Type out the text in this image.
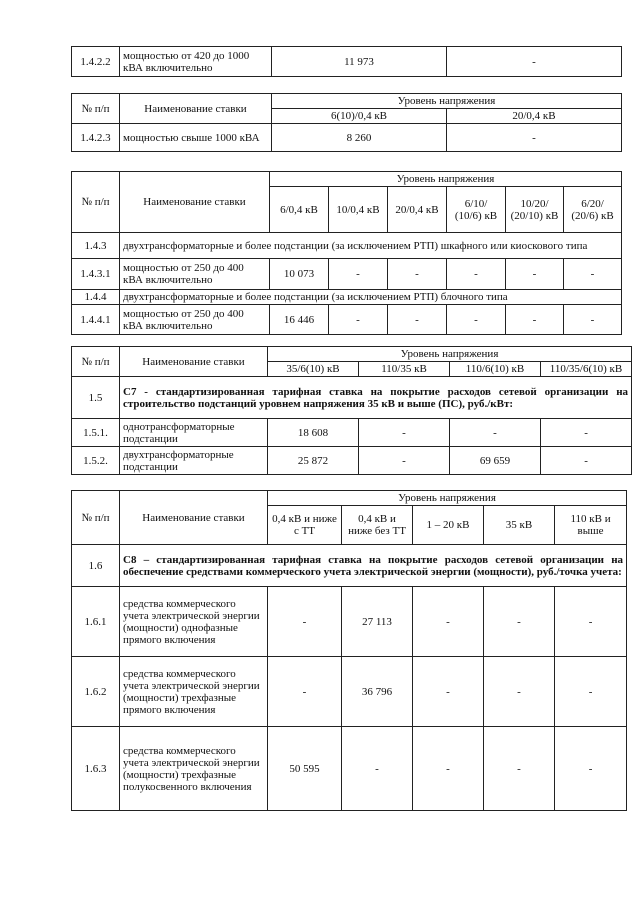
1.4.2.2	мощностью от 420 до 1000 кВА включительно	11 973	-
№ п/п	Наименование ставки	Уровень напряжения	
		6(10)/0,4 кВ	20/0,4 кВ
1.4.2.3	мощностью свыше 1000 кВА	8 260	-
№ п/п	Наименование ставки	Уровень напряжения					
		6/0,4 кВ	10/0,4 кВ	20/0,4 кВ	6/10/ (10/6) кВ	10/20/ (20/10) кВ	6/20/ (20/6) кВ
1.4.3	двухтрансформаторные и более подстанции (за исключением РТП) шкафного или киосковогo типа						
1.4.3.1	мощностью от 250 до 400 кВА включительно	10 073	-	-	-	-	-
1.4.4	двухтрансформаторные и более подстанции (за исключением РТП) блочного типа						
1.4.4.1	мощностью от 250 до 400 кВА включительно	16 446	-	-	-	-	-
№ п/п	Наименование ставки	Уровень напряжения			
		35/6(10) кВ	110/35 кВ	110/6(10) кВ	110/35/6(10) кВ
1.5	С7 - стандартизированная тарифная ставка на покрытие расходов сетевой организации на строительство подстанций уровнем напряжения 35 кВ и выше (ПС), руб./кВт:				
1.5.1.	однотрансформаторные подстанции	18 608	-	-	-
1.5.2.	двухтрансформаторные подстанции	25 872	-	69 659	-
№ п/п	Наименование ставки	Уровень напряжения				
		0,4 кВ и ниже с ТТ	0,4 кВ и ниже без ТТ	1 – 20 кВ	35 кВ	110 кВ и выше
1.6	С8 – стандартизированная тарифная ставка на покрытие расходов сетевой организации на обеспечение средствами коммерческого учета электрической энергии (мощности), руб./точка учета:					
1.6.1	средства коммерческого учета электрической энергии (мощности) однофазные прямого включения	-	27 113	-	-	-
1.6.2	средства коммерческого учета электрической энергии (мощности) трехфазные прямого включения	-	36 796	-	-	-
1.6.3	средства коммерческого учета электрической энергии (мощности) трехфазные полукосвенного включения	50 595	-	-	-	-
